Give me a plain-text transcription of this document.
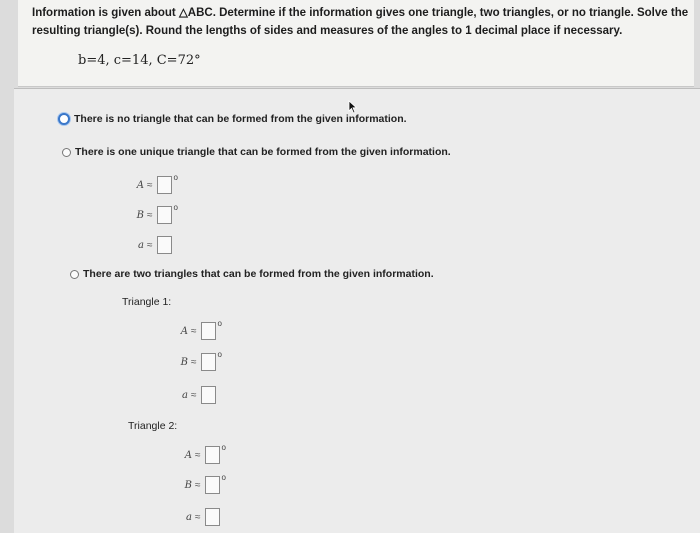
Information is given about △ABC. Determine if the information gives one triangle, two triangles, or no triangle. Solve the
resulting triangle(s). Round the lengths of sides and measures of the angles to 1 decimal place if necessary.
b=4, c=14, C=72°
There is no triangle that can be formed from the given information.
There is one unique triangle that can be formed from the given information.
A ≈
o
B ≈
o
a ≈
There are two triangles that can be formed from the given information.
Triangle 1:
A ≈
o
B ≈
o
a ≈
Triangle 2:
A ≈
o
B ≈
o
a ≈
